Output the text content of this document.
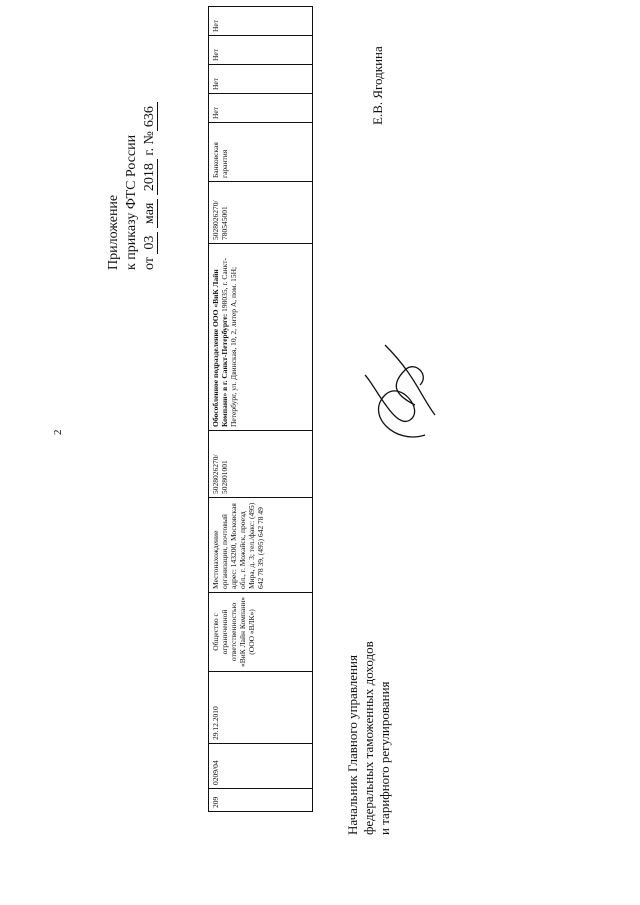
2
Приложение к приказу ФТС России от 03 мая 2018 г. №636
209	0209/04	29.12.2010	Общество с ограниченной ответственностью «ВиК Лайн Компани» (ООО «ВЛК»)	Местонахождение организации, почтовый адрес: 143200, Московская обл., г. Можайск, проезд Мира, д. 3; тел./факс: (495) 642 78 39, (495) 642 78 49	5028026270/ 502801001	Обособленное подразделение ООО «ВиК Лайн Компани» в г. Санкт-Петербурге: 198035, г. Санкт-Петербург, ул. Двинская, 10, 2, литер А, пом. 15Н;	5028026270/ 780545001	Банковская гарантия	Нет	Нет	Нет	Нет
Начальник Главного управления федеральных таможенных доходов и тарифного регулирования
Е.В. Ягодкина
